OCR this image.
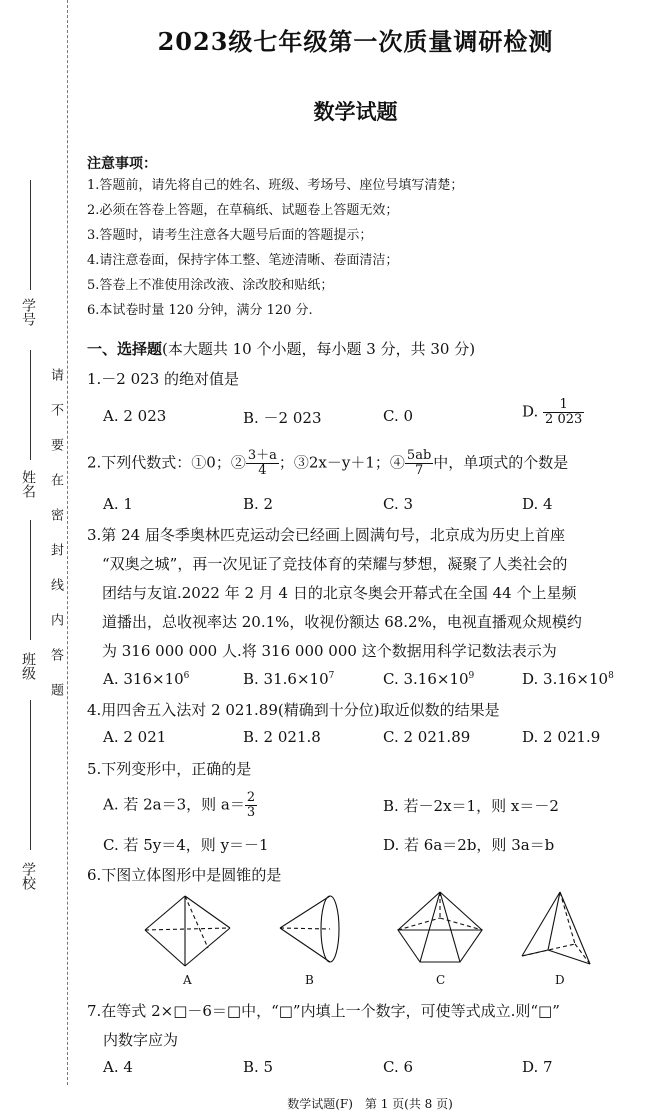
学号
姓名
班级
学校
请不要在密封线内答题
2023级七年级第一次质量调研检测
数学试题
注意事项：
1.答题前，请先将自己的姓名、班级、考场号、座位号填写清楚；
2.必须在答卷上答题，在草稿纸、试题卷上答题无效；
3.答题时，请考生注意各大题号后面的答题提示；
4.请注意卷面，保持字体工整、笔迹清晰、卷面清洁；
5.答卷上不准使用涂改液、涂改胶和贴纸；
6.本试卷时量 120 分钟，满分 120 分.
一、选择题(本大题共 10 个小题，每小题 3 分，共 30 分)
1.－2 023 的绝对值是
A. 2 023	B. －2 023	C. 0	D. $\frac{1}{2 023}$
2.下列代数式：①0；② $\frac{3+a}{4}$ ；③2x－y＋1；④ $\frac{5ab}{7}$ 中，单项式的个数是
A. 1	B. 2	C. 3	D. 4
3.第 24 届冬季奥林匹克运动会已经画上圆满句号，北京成为历史上首座
“双奥之城”，再一次见证了竞技体育的荣耀与梦想，凝聚了人类社会的
团结与友谊.2022 年 2 月 4 日的北京冬奥会开幕式在全国 44 个上星频
道播出，总收视率达 20.1%，收视份额达 68.2%，电视直播观众规模约
为 316 000 000 人.将 316 000 000 这个数据用科学记数法表示为
A. $316\times 10^6$	B. $31.6\times 10^7$	C. $3.16\times 10^9$	D. $3.16\times 10^8$
4.用四舍五入法对 2 021.89(精确到十分位)取近似数的结果是
A. 2 021	B. 2 021.8	C. 2 021.89	D. 2 021.9
5.下列变形中，正确的是
A. 若 2a＝3，则 $a= \frac{2}{3}$	B. 若－2x＝1，则 x＝－2
C. 若 5y＝4，则 y＝－1	D. 若 6a＝2b，则 3a＝b
6.下图立体图形中是圆锥的是
A	B	C	D
7.在等式 2×□－6＝□中，“□”内填上一个数字，可使等式成立.则“□”
内数字应为
A. 4	B. 5	C. 6	D. 7
数学试题(F)　第 1 页(共 8 页)
